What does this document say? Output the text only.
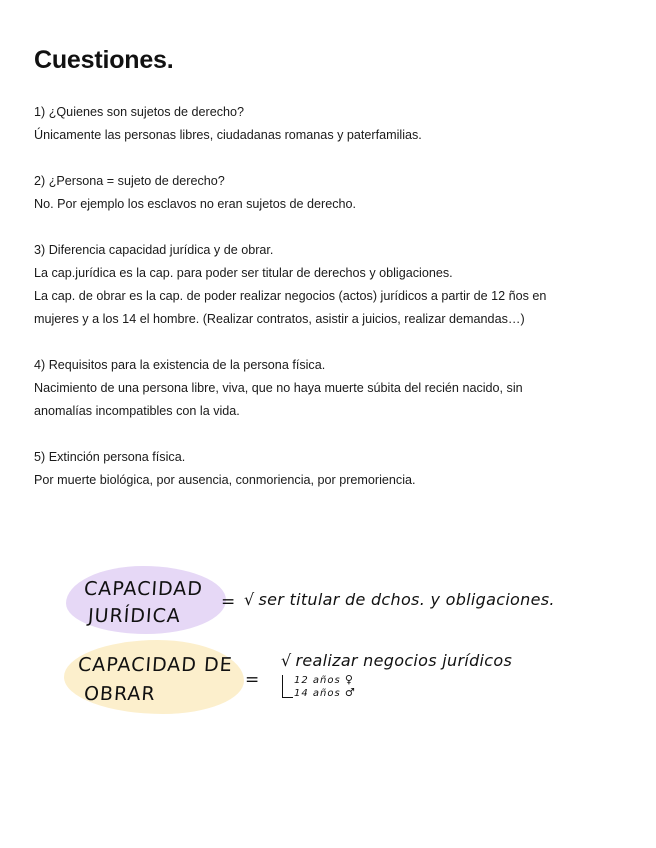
Cuestiones.

1) ¿Quienes son sujetos de derecho?

Únicamente las personas libres, ciudadanas romanas y paterfamilias.

2) ¿Persona = sujeto de derecho?

No. Por ejemplo los esclavos no eran sujetos de derecho.

3) Diferencia capacidad jurídica y de obrar.

La cap.jurídica es la cap. para poder ser titular de derechos y obligaciones.

La cap. de obrar es la cap. de poder realizar negocios (actos) jurídicos a partir de 12 ños en

mujeres y a los 14 el hombre. (Realizar contratos, asistir a juicios, realizar demandas…)

4) Requisitos para la existencia de la persona física.

Nacimiento de una persona libre, viva, que no haya muerte súbita del recién nacido, sin

anomalías incompatibles con la vida.

5) Extinción persona física.

Por muerte biológica, por ausencia, conmoriencia, por premoriencia.

CAPACIDAD
JURÍDICA
= √ ser titular de dchos. y obligaciones.
CAPACIDAD DE
OBRAR
=
√ realizar negocios jurídicos
12 años ♀
14 años ♂
